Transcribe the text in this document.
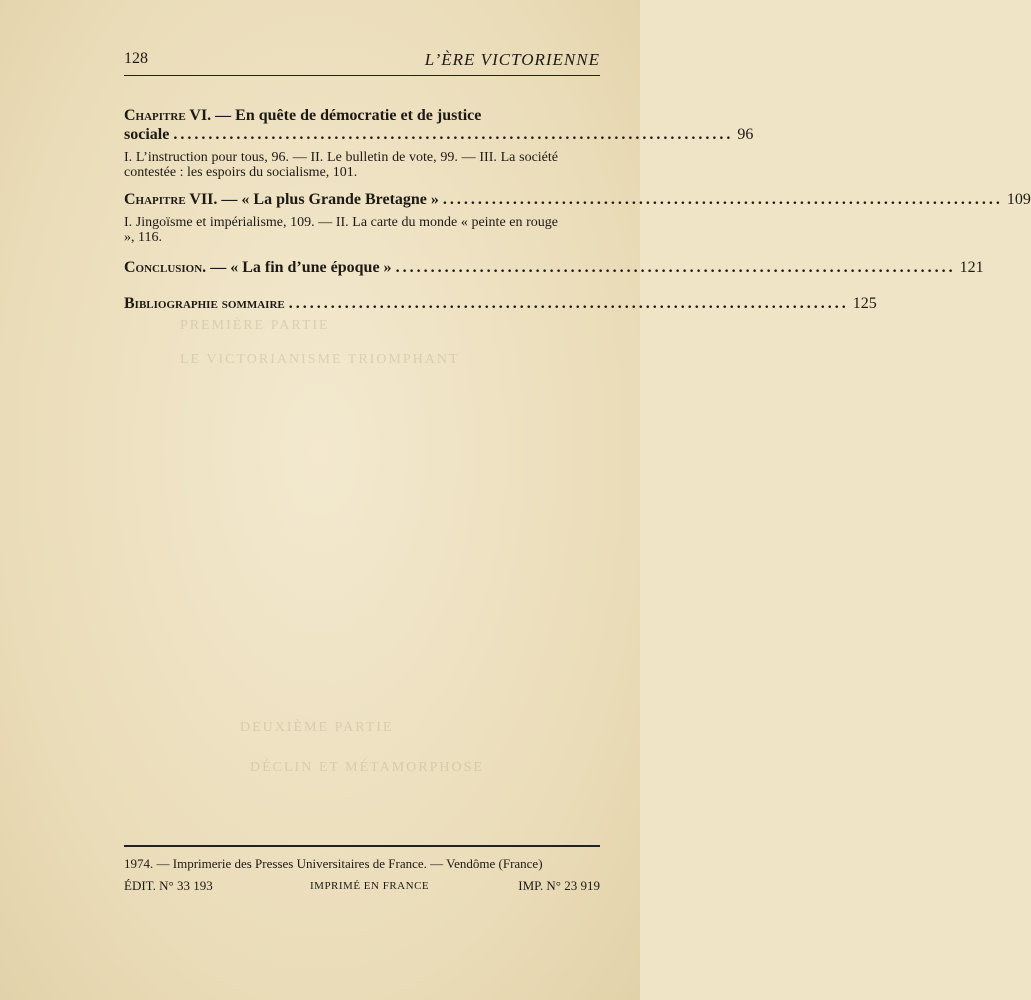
PREMIÈRE PARTIE
LE VICTORIANISME TRIOMPHANT
DEUXIÈME PARTIE
DÉCLIN ET MÉTAMORPHOSE
128	L’ÈRE VICTORIENNE
Chapitre VI. — En quête de démocratie et de justice
sociale ................................................................................ 96
I. L’instruction pour tous, 96. — II. Le bulletin de vote, 99. — III. La société contestée : les espoirs du socialisme, 101.
Chapitre VII. — « La plus Grande Bretagne » ................................................................................ 109
I. Jingoïsme et impérialisme, 109. — II. La carte du monde « peinte en rouge », 116.
Conclusion. — « La fin d’une époque » ................................................................................ 121
Bibliographie sommaire ................................................................................ 125
1974. — Imprimerie des Presses Universitaires de France. — Vendôme (France)
ÉDIT. N° 33 193	IMPRIMÉ EN FRANCE	IMP. N° 23 919
